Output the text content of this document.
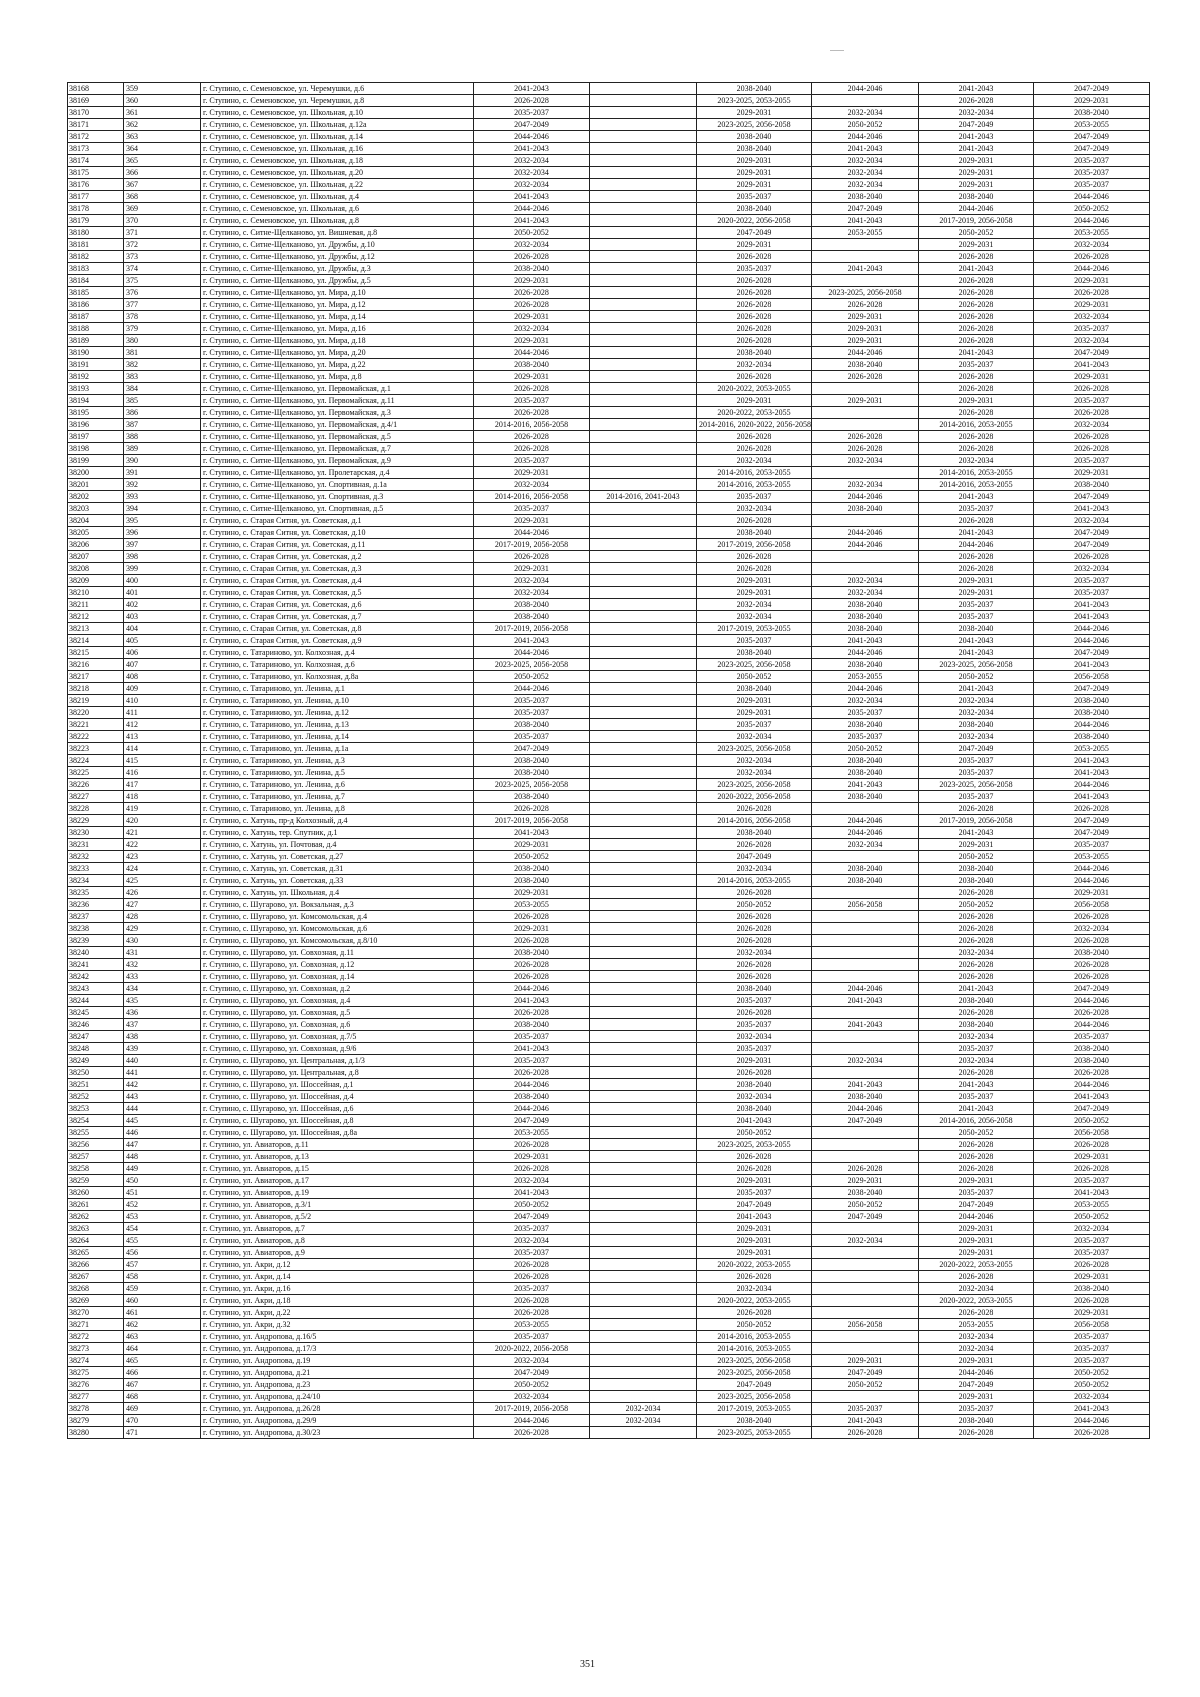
38168	359	г. Ступино, с. Семеновское, ул. Черемушки, д.6	2041-2043		2038-2040	2044-2046	2041-2043	2047-2049
38169	360	г. Ступино, с. Семеновское, ул. Черемушки, д.8	2026-2028		2023-2025, 2053-2055		2026-2028	2029-2031
38170	361	г. Ступино, с. Семеновское, ул. Школьная, д.10	2035-2037		2029-2031	2032-2034	2032-2034	2038-2040
38171	362	г. Ступино, с. Семеновское, ул. Школьная, д.12а	2047-2049		2023-2025, 2056-2058	2050-2052	2047-2049	2053-2055
38172	363	г. Ступино, с. Семеновское, ул. Школьная, д.14	2044-2046		2038-2040	2044-2046	2041-2043	2047-2049
38173	364	г. Ступино, с. Семеновское, ул. Школьная, д.16	2041-2043		2038-2040	2041-2043	2041-2043	2047-2049
38174	365	г. Ступино, с. Семеновское, ул. Школьная, д.18	2032-2034		2029-2031	2032-2034	2029-2031	2035-2037
38175	366	г. Ступино, с. Семеновское, ул. Школьная, д.20	2032-2034		2029-2031	2032-2034	2029-2031	2035-2037
38176	367	г. Ступино, с. Семеновское, ул. Школьная, д.22	2032-2034		2029-2031	2032-2034	2029-2031	2035-2037
38177	368	г. Ступино, с. Семеновское, ул. Школьная, д.4	2041-2043		2035-2037	2038-2040	2038-2040	2044-2046
38178	369	г. Ступино, с. Семеновское, ул. Школьная, д.6	2044-2046		2038-2040	2047-2049	2044-2046	2050-2052
38179	370	г. Ступино, с. Семеновское, ул. Школьная, д.8	2041-2043		2020-2022, 2056-2058	2041-2043	2017-2019, 2056-2058	2044-2046
38180	371	г. Ступино, с. Ситне-Щелканово, ул. Вишневая, д.8	2050-2052		2047-2049	2053-2055	2050-2052	2053-2055
38181	372	г. Ступино, с. Ситне-Щелканово, ул. Дружбы, д.10	2032-2034		2029-2031		2029-2031	2032-2034
38182	373	г. Ступино, с. Ситне-Щелканово, ул. Дружбы, д.12	2026-2028		2026-2028		2026-2028	2026-2028
38183	374	г. Ступино, с. Ситне-Щелканово, ул. Дружбы, д.3	2038-2040		2035-2037	2041-2043	2041-2043	2044-2046
38184	375	г. Ступино, с. Ситне-Щелканово, ул. Дружбы, д.5	2029-2031		2026-2028		2026-2028	2029-2031
38185	376	г. Ступино, с. Ситне-Щелканово, ул. Мира, д.10	2026-2028		2026-2028	2023-2025, 2056-2058	2026-2028	2026-2028
38186	377	г. Ступино, с. Ситне-Щелканово, ул. Мира, д.12	2026-2028		2026-2028	2026-2028	2026-2028	2029-2031
38187	378	г. Ступино, с. Ситне-Щелканово, ул. Мира, д.14	2029-2031		2026-2028	2029-2031	2026-2028	2032-2034
38188	379	г. Ступино, с. Ситне-Щелканово, ул. Мира, д.16	2032-2034		2026-2028	2029-2031	2026-2028	2035-2037
38189	380	г. Ступино, с. Ситне-Щелканово, ул. Мира, д.18	2029-2031		2026-2028	2029-2031	2026-2028	2032-2034
38190	381	г. Ступино, с. Ситне-Щелканово, ул. Мира, д.20	2044-2046		2038-2040	2044-2046	2041-2043	2047-2049
38191	382	г. Ступино, с. Ситне-Щелканово, ул. Мира, д.22	2038-2040		2032-2034	2038-2040	2035-2037	2041-2043
38192	383	г. Ступино, с. Ситне-Щелканово, ул. Мира, д.8	2029-2031		2026-2028	2026-2028	2026-2028	2029-2031
38193	384	г. Ступино, с. Ситне-Щелканово, ул. Первомайская, д.1	2026-2028		2020-2022, 2053-2055		2026-2028	2026-2028
38194	385	г. Ступино, с. Ситне-Щелканово, ул. Первомайская, д.11	2035-2037		2029-2031	2029-2031	2029-2031	2035-2037
38195	386	г. Ступино, с. Ситне-Щелканово, ул. Первомайская, д.3	2026-2028		2020-2022, 2053-2055		2026-2028	2026-2028
38196	387	г. Ступино, с. Ситне-Щелканово, ул. Первомайская, д.4/1	2014-2016, 2056-2058		2014-2016, 2020-2022, 2056-2058		2014-2016, 2053-2055	2032-2034
38197	388	г. Ступино, с. Ситне-Щелканово, ул. Первомайская, д.5	2026-2028		2026-2028	2026-2028	2026-2028	2026-2028
38198	389	г. Ступино, с. Ситне-Щелканово, ул. Первомайская, д.7	2026-2028		2026-2028	2026-2028	2026-2028	2026-2028
38199	390	г. Ступино, с. Ситне-Щелканово, ул. Первомайская, д.9	2035-2037		2032-2034	2032-2034	2032-2034	2035-2037
38200	391	г. Ступино, с. Ситне-Щелканово, ул. Пролетарская, д.4	2029-2031		2014-2016, 2053-2055		2014-2016, 2053-2055	2029-2031
38201	392	г. Ступино, с. Ситне-Щелканово, ул. Спортивная, д.1а	2032-2034		2014-2016, 2053-2055	2032-2034	2014-2016, 2053-2055	2038-2040
38202	393	г. Ступино, с. Ситне-Щелканово, ул. Спортивная, д.3	2014-2016, 2056-2058	2014-2016, 2041-2043	2035-2037	2044-2046	2041-2043	2047-2049
38203	394	г. Ступино, с. Ситне-Щелканово, ул. Спортивная, д.5	2035-2037		2032-2034	2038-2040	2035-2037	2041-2043
38204	395	г. Ступино, с. Старая Ситня, ул. Советская, д.1	2029-2031		2026-2028		2026-2028	2032-2034
38205	396	г. Ступино, с. Старая Ситня, ул. Советская, д.10	2044-2046		2038-2040	2044-2046	2041-2043	2047-2049
38206	397	г. Ступино, с. Старая Ситня, ул. Советская, д.11	2017-2019, 2056-2058		2017-2019, 2056-2058	2044-2046	2044-2046	2047-2049
38207	398	г. Ступино, с. Старая Ситня, ул. Советская, д.2	2026-2028		2026-2028		2026-2028	2026-2028
38208	399	г. Ступино, с. Старая Ситня, ул. Советская, д.3	2029-2031		2026-2028		2026-2028	2032-2034
38209	400	г. Ступино, с. Старая Ситня, ул. Советская, д.4	2032-2034		2029-2031	2032-2034	2029-2031	2035-2037
38210	401	г. Ступино, с. Старая Ситня, ул. Советская, д.5	2032-2034		2029-2031	2032-2034	2029-2031	2035-2037
38211	402	г. Ступино, с. Старая Ситня, ул. Советская, д.6	2038-2040		2032-2034	2038-2040	2035-2037	2041-2043
38212	403	г. Ступино, с. Старая Ситня, ул. Советская, д.7	2038-2040		2032-2034	2038-2040	2035-2037	2041-2043
38213	404	г. Ступино, с. Старая Ситня, ул. Советская, д.8	2017-2019, 2056-2058		2017-2019, 2053-2055	2038-2040	2038-2040	2044-2046
38214	405	г. Ступино, с. Старая Ситня, ул. Советская, д.9	2041-2043		2035-2037	2041-2043	2041-2043	2044-2046
38215	406	г. Ступино, с. Татариново, ул. Колхозная, д.4	2044-2046		2038-2040	2044-2046	2041-2043	2047-2049
38216	407	г. Ступино, с. Татариново, ул. Колхозная, д.6	2023-2025, 2056-2058		2023-2025, 2056-2058	2038-2040	2023-2025, 2056-2058	2041-2043
38217	408	г. Ступино, с. Татариново, ул. Колхозная, д.8а	2050-2052		2050-2052	2053-2055	2050-2052	2056-2058
38218	409	г. Ступино, с. Татариново, ул. Ленина, д.1	2044-2046		2038-2040	2044-2046	2041-2043	2047-2049
38219	410	г. Ступино, с. Татариново, ул. Ленина, д.10	2035-2037		2029-2031	2032-2034	2032-2034	2038-2040
38220	411	г. Ступино, с. Татариново, ул. Ленина, д.12	2035-2037		2029-2031	2035-2037	2032-2034	2038-2040
38221	412	г. Ступино, с. Татариново, ул. Ленина, д.13	2038-2040		2035-2037	2038-2040	2038-2040	2044-2046
38222	413	г. Ступино, с. Татариново, ул. Ленина, д.14	2035-2037		2032-2034	2035-2037	2032-2034	2038-2040
38223	414	г. Ступино, с. Татариново, ул. Ленина, д.1а	2047-2049		2023-2025, 2056-2058	2050-2052	2047-2049	2053-2055
38224	415	г. Ступино, с. Татариново, ул. Ленина, д.3	2038-2040		2032-2034	2038-2040	2035-2037	2041-2043
38225	416	г. Ступино, с. Татариново, ул. Ленина, д.5	2038-2040		2032-2034	2038-2040	2035-2037	2041-2043
38226	417	г. Ступино, с. Татариново, ул. Ленина, д.6	2023-2025, 2056-2058		2023-2025, 2056-2058	2041-2043	2023-2025, 2056-2058	2044-2046
38227	418	г. Ступино, с. Татариново, ул. Ленина, д.7	2038-2040		2020-2022, 2056-2058	2038-2040	2035-2037	2041-2043
38228	419	г. Ступино, с. Татариново, ул. Ленина, д.8	2026-2028		2026-2028		2026-2028	2026-2028
38229	420	г. Ступино, с. Хатунь, пр-д Колхозный, д.4	2017-2019, 2056-2058		2014-2016, 2056-2058	2044-2046	2017-2019, 2056-2058	2047-2049
38230	421	г. Ступино, с. Хатунь, тер. Спутник, д.1	2041-2043		2038-2040	2044-2046	2041-2043	2047-2049
38231	422	г. Ступино, с. Хатунь, ул. Почтовая, д.4	2029-2031		2026-2028	2032-2034	2029-2031	2035-2037
38232	423	г. Ступино, с. Хатунь, ул. Советская, д.27	2050-2052		2047-2049		2050-2052	2053-2055
38233	424	г. Ступино, с. Хатунь, ул. Советская, д.31	2038-2040		2032-2034	2038-2040	2038-2040	2044-2046
38234	425	г. Ступино, с. Хатунь, ул. Советская, д.33	2038-2040		2014-2016, 2053-2055	2038-2040	2038-2040	2044-2046
38235	426	г. Ступино, с. Хатунь, ул. Школьная, д.4	2029-2031		2026-2028		2026-2028	2029-2031
38236	427	г. Ступино, с. Шугарово, ул. Вокзальная, д.3	2053-2055		2050-2052	2056-2058	2050-2052	2056-2058
38237	428	г. Ступино, с. Шугарово, ул. Комсомольская, д.4	2026-2028		2026-2028		2026-2028	2026-2028
38238	429	г. Ступино, с. Шугарово, ул. Комсомольская, д.6	2029-2031		2026-2028		2026-2028	2032-2034
38239	430	г. Ступино, с. Шугарово, ул. Комсомольская, д.8/10	2026-2028		2026-2028		2026-2028	2026-2028
38240	431	г. Ступино, с. Шугарово, ул. Совхозная, д.11	2038-2040		2032-2034		2032-2034	2038-2040
38241	432	г. Ступино, с. Шугарово, ул. Совхозная, д.12	2026-2028		2026-2028		2026-2028	2026-2028
38242	433	г. Ступино, с. Шугарово, ул. Совхозная, д.14	2026-2028		2026-2028		2026-2028	2026-2028
38243	434	г. Ступино, с. Шугарово, ул. Совхозная, д.2	2044-2046		2038-2040	2044-2046	2041-2043	2047-2049
38244	435	г. Ступино, с. Шугарово, ул. Совхозная, д.4	2041-2043		2035-2037	2041-2043	2038-2040	2044-2046
38245	436	г. Ступино, с. Шугарово, ул. Совхозная, д.5	2026-2028		2026-2028		2026-2028	2026-2028
38246	437	г. Ступино, с. Шугарово, ул. Совхозная, д.6	2038-2040		2035-2037	2041-2043	2038-2040	2044-2046
38247	438	г. Ступино, с. Шугарово, ул. Совхозная, д.7/5	2035-2037		2032-2034		2032-2034	2035-2037
38248	439	г. Ступино, с. Шугарово, ул. Совхозная, д.9/6	2041-2043		2035-2037		2035-2037	2038-2040
38249	440	г. Ступино, с. Шугарово, ул. Центральная, д.1/3	2035-2037		2029-2031	2032-2034	2032-2034	2038-2040
38250	441	г. Ступино, с. Шугарово, ул. Центральная, д.8	2026-2028		2026-2028		2026-2028	2026-2028
38251	442	г. Ступино, с. Шугарово, ул. Шоссейная, д.1	2044-2046		2038-2040	2041-2043	2041-2043	2044-2046
38252	443	г. Ступино, с. Шугарово, ул. Шоссейная, д.4	2038-2040		2032-2034	2038-2040	2035-2037	2041-2043
38253	444	г. Ступино, с. Шугарово, ул. Шоссейная, д.6	2044-2046		2038-2040	2044-2046	2041-2043	2047-2049
38254	445	г. Ступино, с. Шугарово, ул. Шоссейная, д.8	2047-2049		2041-2043	2047-2049	2014-2016, 2056-2058	2050-2052
38255	446	г. Ступино, с. Шугарово, ул. Шоссейная, д.8а	2053-2055		2050-2052		2050-2052	2056-2058
38256	447	г. Ступино, ул. Авиаторов, д.11	2026-2028		2023-2025, 2053-2055		2026-2028	2026-2028
38257	448	г. Ступино, ул. Авиаторов, д.13	2029-2031		2026-2028		2026-2028	2029-2031
38258	449	г. Ступино, ул. Авиаторов, д.15	2026-2028		2026-2028	2026-2028	2026-2028	2026-2028
38259	450	г. Ступино, ул. Авиаторов, д.17	2032-2034		2029-2031	2029-2031	2029-2031	2035-2037
38260	451	г. Ступино, ул. Авиаторов, д.19	2041-2043		2035-2037	2038-2040	2035-2037	2041-2043
38261	452	г. Ступино, ул. Авиаторов, д.3/1	2050-2052		2047-2049	2050-2052	2047-2049	2053-2055
38262	453	г. Ступино, ул. Авиаторов, д.5/2	2047-2049		2041-2043	2047-2049	2044-2046	2050-2052
38263	454	г. Ступино, ул. Авиаторов, д.7	2035-2037		2029-2031		2029-2031	2032-2034
38264	455	г. Ступино, ул. Авиаторов, д.8	2032-2034		2029-2031	2032-2034	2029-2031	2035-2037
38265	456	г. Ступино, ул. Авиаторов, д.9	2035-2037		2029-2031		2029-2031	2035-2037
38266	457	г. Ступино, ул. Акри, д.12	2026-2028		2020-2022, 2053-2055		2020-2022, 2053-2055	2026-2028
38267	458	г. Ступино, ул. Акри, д.14	2026-2028		2026-2028		2026-2028	2029-2031
38268	459	г. Ступино, ул. Акри, д.16	2035-2037		2032-2034		2032-2034	2038-2040
38269	460	г. Ступино, ул. Акри, д.18	2026-2028		2020-2022, 2053-2055		2020-2022, 2053-2055	2026-2028
38270	461	г. Ступино, ул. Акри, д.22	2026-2028		2026-2028		2026-2028	2029-2031
38271	462	г. Ступино, ул. Акри, д.32	2053-2055		2050-2052	2056-2058	2053-2055	2056-2058
38272	463	г. Ступино, ул. Андропова, д.16/5	2035-2037		2014-2016, 2053-2055		2032-2034	2035-2037
38273	464	г. Ступино, ул. Андропова, д.17/3	2020-2022, 2056-2058		2014-2016, 2053-2055		2032-2034	2035-2037
38274	465	г. Ступино, ул. Андропова, д.19	2032-2034		2023-2025, 2056-2058	2029-2031	2029-2031	2035-2037
38275	466	г. Ступино, ул. Андропова, д.21	2047-2049		2023-2025, 2056-2058	2047-2049	2044-2046	2050-2052
38276	467	г. Ступино, ул. Андропова, д.23	2050-2052		2047-2049	2050-2052	2047-2049	2050-2052
38277	468	г. Ступино, ул. Андропова, д.24/10	2032-2034		2023-2025, 2056-2058		2029-2031	2032-2034
38278	469	г. Ступино, ул. Андропова, д.26/28	2017-2019, 2056-2058	2032-2034	2017-2019, 2053-2055	2035-2037	2035-2037	2041-2043
38279	470	г. Ступино, ул. Андропова, д.29/9	2044-2046	2032-2034	2038-2040	2041-2043	2038-2040	2044-2046
38280	471	г. Ступино, ул. Андропова, д.30/23	2026-2028		2023-2025, 2053-2055	2026-2028	2026-2028	2026-2028
351
